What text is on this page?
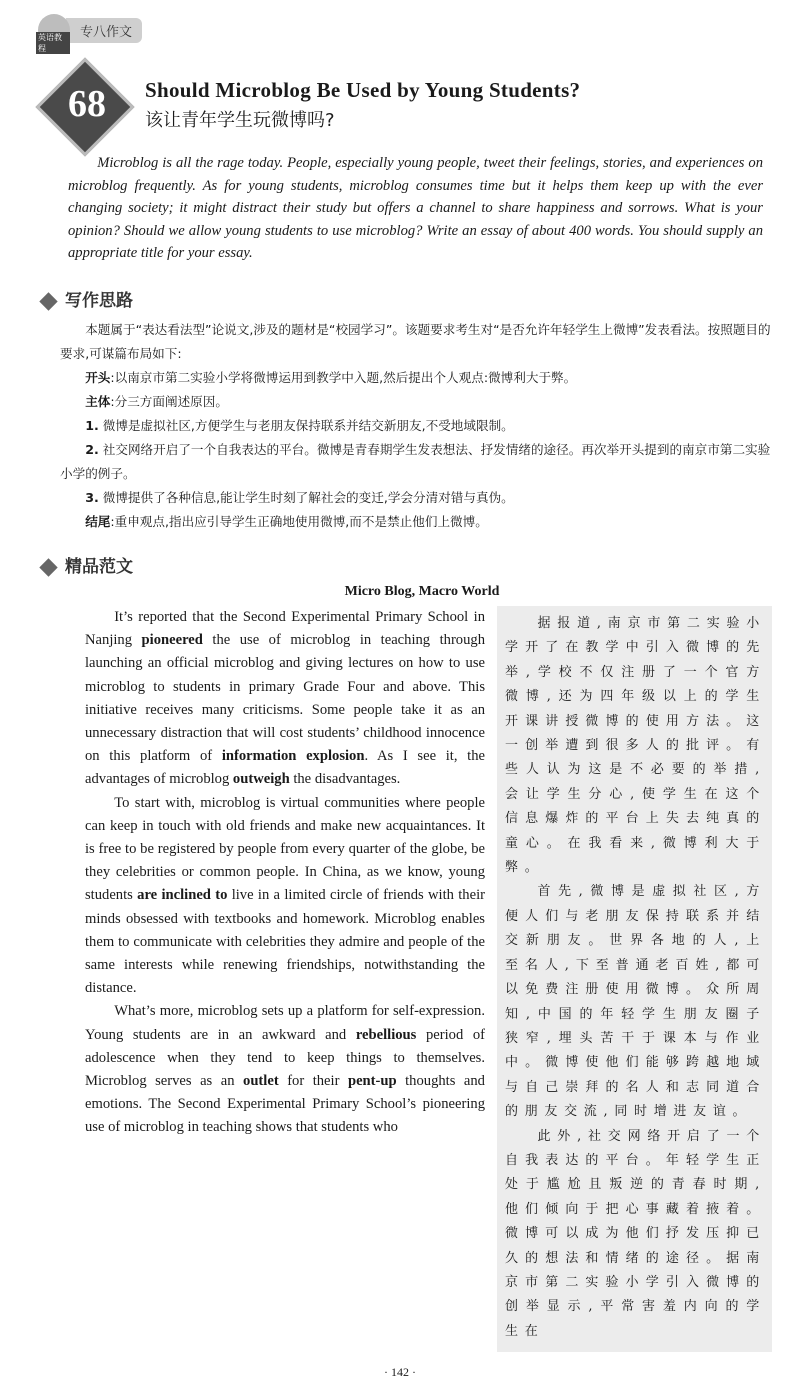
英语教程
专八作文
68	Should Microblog Be Used by Young Students?
该让青年学生玩微博吗?
Microblog is all the rage today. People, especially young people, tweet their feelings, stories, and experiences on microblog frequently. As for young students, microblog consumes time but it helps them keep up with the ever changing society; it might distract their study but offers a channel to share happiness and sorrows. What is your opinion? Should we allow young students to use microblog? Write an essay of about 400 words. You should supply an appropriate title for your essay.
写作思路

本题属于“表达看法型”论说文,涉及的题材是“校园学习”。该题要求考生对“是否允许年轻学生上微博”发表看法。按照题目的要求,可谋篇布局如下:

开头:以南京市第二实验小学将微博运用到教学中入题,然后提出个人观点:微博利大于弊。

主体:分三方面阐述原因。

1. 微博是虚拟社区,方便学生与老朋友保持联系并结交新朋友,不受地域限制。

2. 社交网络开启了一个自我表达的平台。微博是青春期学生发表想法、抒发情绪的途径。再次举开头提到的南京市第二实验小学的例子。

3. 微博提供了各种信息,能让学生时刻了解社会的变迁,学会分清对错与真伪。

结尾:重申观点,指出应引导学生正确地使用微博,而不是禁止他们上微博。

精品范文
Micro Blog, Macro World

It’s reported that the Second Experimental Primary School in Nanjing pioneered the use of microblog in teaching through launching an official microblog and giving lectures on how to use microblog to students in primary Grade Four and above. This initiative receives many criticisms. Some people take it as an unnecessary distraction that will cost students’ childhood innocence on this platform of information explosion. As I see it, the advantages of microblog outweigh the disadvantages.

To start with, microblog is virtual communities where people can keep in touch with old friends and make new acquaintances. It is free to be registered by people from every quarter of the globe, be they celebrities or common people. In China, as we know, young students are inclined to live in a limited circle of friends with their minds obsessed with textbooks and homework. Microblog enables them to communicate with celebrities they admire and people of the same interests while renewing friendships, notwithstanding the distance.

What’s more, microblog sets up a platform for self-expression. Young students are in an awkward and rebellious period of adolescence when they tend to keep things to themselves. Microblog serves as an outlet for their pent-up thoughts and emotions. The Second Experimental Primary School’s pioneering use of microblog in teaching shows that students who

据报道,南京市第二实验小学开了在教学中引入微博的先举,学校不仅注册了一个官方微博,还为四年级以上的学生开课讲授微博的使用方法。这一创举遭到很多人的批评。有些人认为这是不必要的举措,会让学生分心,使学生在这个信息爆炸的平台上失去纯真的童心。在我看来,微博利大于弊。

首先,微博是虚拟社区,方便人们与老朋友保持联系并结交新朋友。世界各地的人,上至名人,下至普通老百姓,都可以免费注册使用微博。众所周知,中国的年轻学生朋友圈子狭窄,埋头苦干于课本与作业中。微博使他们能够跨越地域与自己崇拜的名人和志同道合的朋友交流,同时增进友谊。

此外,社交网络开启了一个自我表达的平台。年轻学生正处于尴尬且叛逆的青春时期,他们倾向于把心事藏着掖着。微博可以成为他们抒发压抑已久的想法和情绪的途径。据南京市第二实验小学引入微博的创举显示,平常害羞内向的学生在

· 142 ·
